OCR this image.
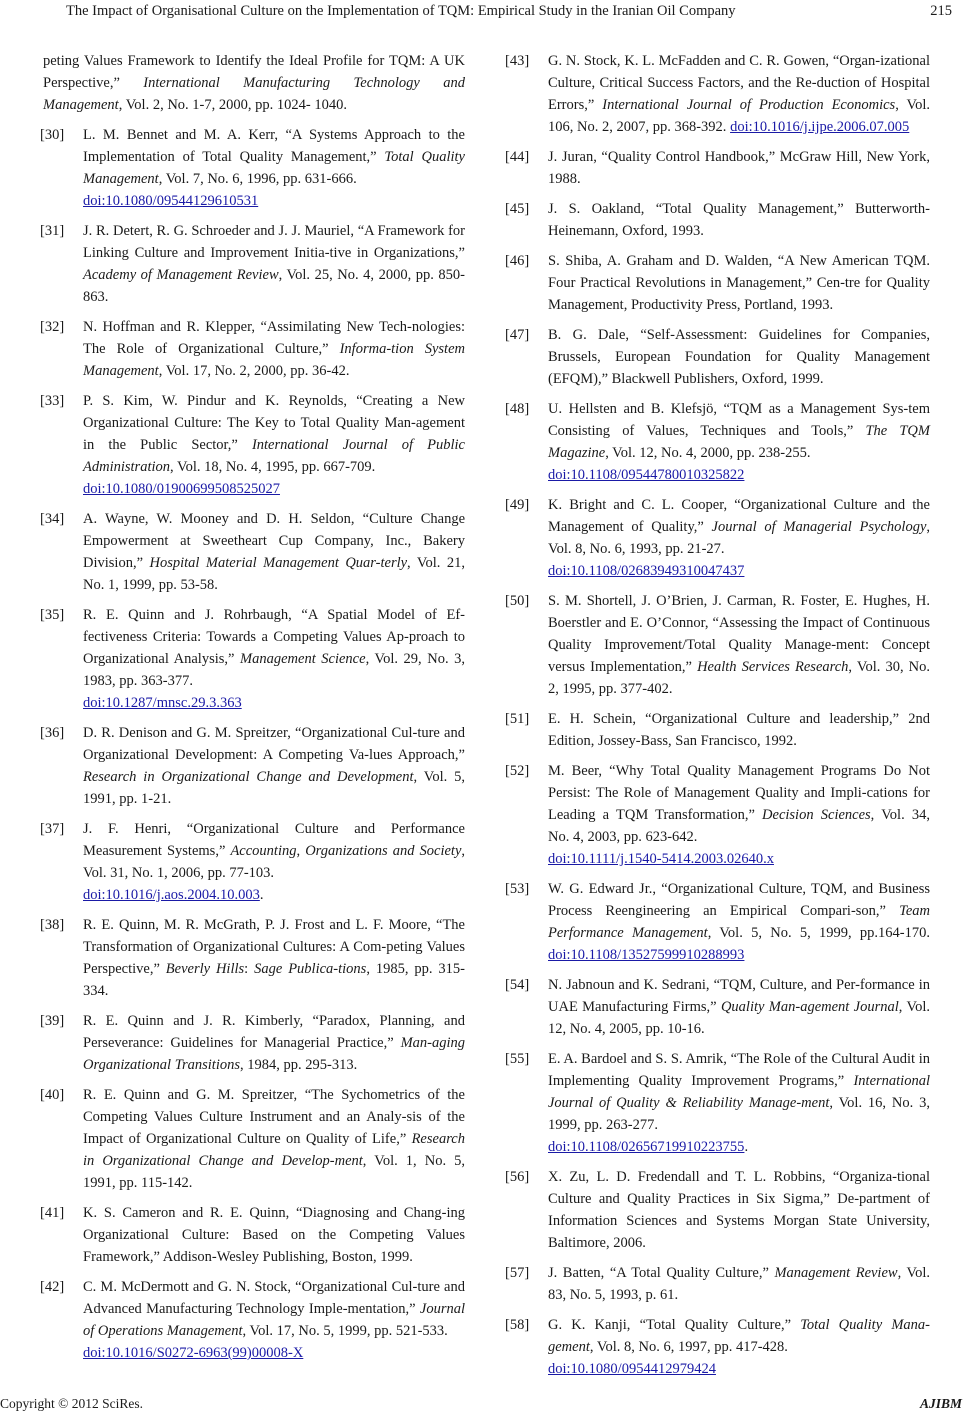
The Impact of Organisational Culture on the Implementation of TQM: Empirical Study in the Iranian Oil Company	215
peting Values Framework to Identify the Ideal Profile for TQM: A UK Perspective,” International Manufacturing Technology and Management, Vol. 2, No. 1-7, 2000, pp. 1024- 1040.
[30] L. M. Bennet and M. A. Kerr, “A Systems Approach to the Implementation of Total Quality Management,” Total Quality Management, Vol. 7, No. 6, 1996, pp. 631-666.
doi:10.1080/09544129610531
[31] J. R. Detert, R. G. Schroeder and J. J. Mauriel, “A Framework for Linking Culture and Improvement Initia-tive in Organizations,” Academy of Management Review, Vol. 25, No. 4, 2000, pp. 850-863.
[32] N. Hoffman and R. Klepper, “Assimilating New Tech-nologies: The Role of Organizational Culture,” Informa-tion System Management, Vol. 17, No. 2, 2000, pp. 36-42.
[33] P. S. Kim, W. Pindur and K. Reynolds, “Creating a New Organizational Culture: The Key to Total Quality Man-agement in the Public Sector,” International Journal of Public Administration, Vol. 18, No. 4, 1995, pp. 667-709.
doi:10.1080/01900699508525027
[34] A. Wayne, W. Mooney and D. H. Seldon, “Culture Change Empowerment at Sweetheart Cup Company, Inc., Bakery Division,” Hospital Material Management Quar-terly, Vol. 21, No. 1, 1999, pp. 53-58.
[35] R. E. Quinn and J. Rohrbaugh, “A Spatial Model of Ef-fectiveness Criteria: Towards a Competing Values Ap-proach to Organizational Analysis,” Management Science, Vol. 29, No. 3, 1983, pp. 363-377.
doi:10.1287/mnsc.29.3.363
[36] D. R. Denison and G. M. Spreitzer, “Organizational Cul-ture and Organizational Development: A Competing Va-lues Approach,” Research in Organizational Change and Development, Vol. 5, 1991, pp. 1-21.
[37] J. F. Henri, “Organizational Culture and Performance Measurement Systems,” Accounting, Organizations and Society, Vol. 31, No. 1, 2006, pp. 77-103.
doi:10.1016/j.aos.2004.10.003.
[38] R. E. Quinn, M. R. McGrath, P. J. Frost and L. F. Moore, “The Transformation of Organizational Cultures: A Com-peting Values Perspective,” Beverly Hills: Sage Publica-tions, 1985, pp. 315-334.
[39] R. E. Quinn and J. R. Kimberly, “Paradox, Planning, and Perseverance: Guidelines for Managerial Practice,” Man-aging Organizational Transitions, 1984, pp. 295-313.
[40] R. E. Quinn and G. M. Spreitzer, “The Sychometrics of the Competing Values Culture Instrument and an Analy-sis of the Impact of Organizational Culture on Quality of Life,” Research in Organizational Change and Develop-ment, Vol. 1, No. 5, 1991, pp. 115-142.
[41] K. S. Cameron and R. E. Quinn, “Diagnosing and Chang-ing Organizational Culture: Based on the Competing Values Framework,” Addison-Wesley Publishing, Boston, 1999.
[42] C. M. McDermott and G. N. Stock, “Organizational Cul-ture and Advanced Manufacturing Technology Imple-mentation,” Journal of Operations Management, Vol. 17, No. 5, 1999, pp. 521-533.
doi:10.1016/S0272-6963(99)00008-X
[43] G. N. Stock, K. L. McFadden and C. R. Gowen, “Organ-izational Culture, Critical Success Factors, and the Re-duction of Hospital Errors,” International Journal of Production Economics, Vol. 106, No. 2, 2007, pp. 368-392. doi:10.1016/j.ijpe.2006.07.005
[44] J. Juran, “Quality Control Handbook,” McGraw Hill, New York, 1988.
[45] J. S. Oakland, “Total Quality Management,” Butterworth-Heinemann, Oxford, 1993.
[46] S. Shiba, A. Graham and D. Walden, “A New American TQM. Four Practical Revolutions in Management,” Cen-tre for Quality Management, Productivity Press, Portland, 1993.
[47] B. G. Dale, “Self-Assessment: Guidelines for Companies, Brussels, European Foundation for Quality Management (EFQM),” Blackwell Publishers, Oxford, 1999.
[48] U. Hellsten and B. Klefsjö, “TQM as a Management Sys-tem Consisting of Values, Techniques and Tools,” The TQM Magazine, Vol. 12, No. 4, 2000, pp. 238-255.
doi:10.1108/09544780010325822
[49] K. Bright and C. L. Cooper, “Organizational Culture and the Management of Quality,” Journal of Managerial Psychology, Vol. 8, No. 6, 1993, pp. 21-27.
doi:10.1108/02683949310047437
[50] S. M. Shortell, J. O’Brien, J. Carman, R. Foster, E. Hughes, H. Boerstler and E. O’Connor, “Assessing the Impact of Continuous Quality Improvement/Total Quality Manage-ment: Concept versus Implementation,” Health Services Research, Vol. 30, No. 2, 1995, pp. 377-402.
[51] E. H. Schein, “Organizational Culture and leadership,” 2nd Edition, Jossey-Bass, San Francisco, 1992.
[52] M. Beer, “Why Total Quality Management Programs Do Not Persist: The Role of Management Quality and Impli-cations for Leading a TQM Transformation,” Decision Sciences, Vol. 34, No. 4, 2003, pp. 623-642.
doi:10.1111/j.1540-5414.2003.02640.x
[53] W. G. Edward Jr., “Organizational Culture, TQM, and Business Process Reengineering an Empirical Compari-son,” Team Performance Management, Vol. 5, No. 5, 1999, pp.164-170. doi:10.1108/13527599910288993
[54] N. Jabnoun and K. Sedrani, “TQM, Culture, and Per-formance in UAE Manufacturing Firms,” Quality Man-agement Journal, Vol. 12, No. 4, 2005, pp. 10-16.
[55] E. A. Bardoel and S. S. Amrik, “The Role of the Cultural Audit in Implementing Quality Improvement Programs,” International Journal of Quality & Reliability Manage-ment, Vol. 16, No. 3, 1999, pp. 263-277.
doi:10.1108/02656719910223755.
[56] X. Zu, L. D. Fredendall and T. L. Robbins, “Organiza-tional Culture and Quality Practices in Six Sigma,” De-partment of Information Sciences and Systems Morgan State University, Baltimore, 2006.
[57] J. Batten, “A Total Quality Culture,” Management Review, Vol. 83, No. 5, 1993, p. 61.
[58] G. K. Kanji, “Total Quality Culture,” Total Quality Mana-gement, Vol. 8, No. 6, 1997, pp. 417-428.
doi:10.1080/0954412979424
Copyright © 2012 SciRes.	AJIBM
